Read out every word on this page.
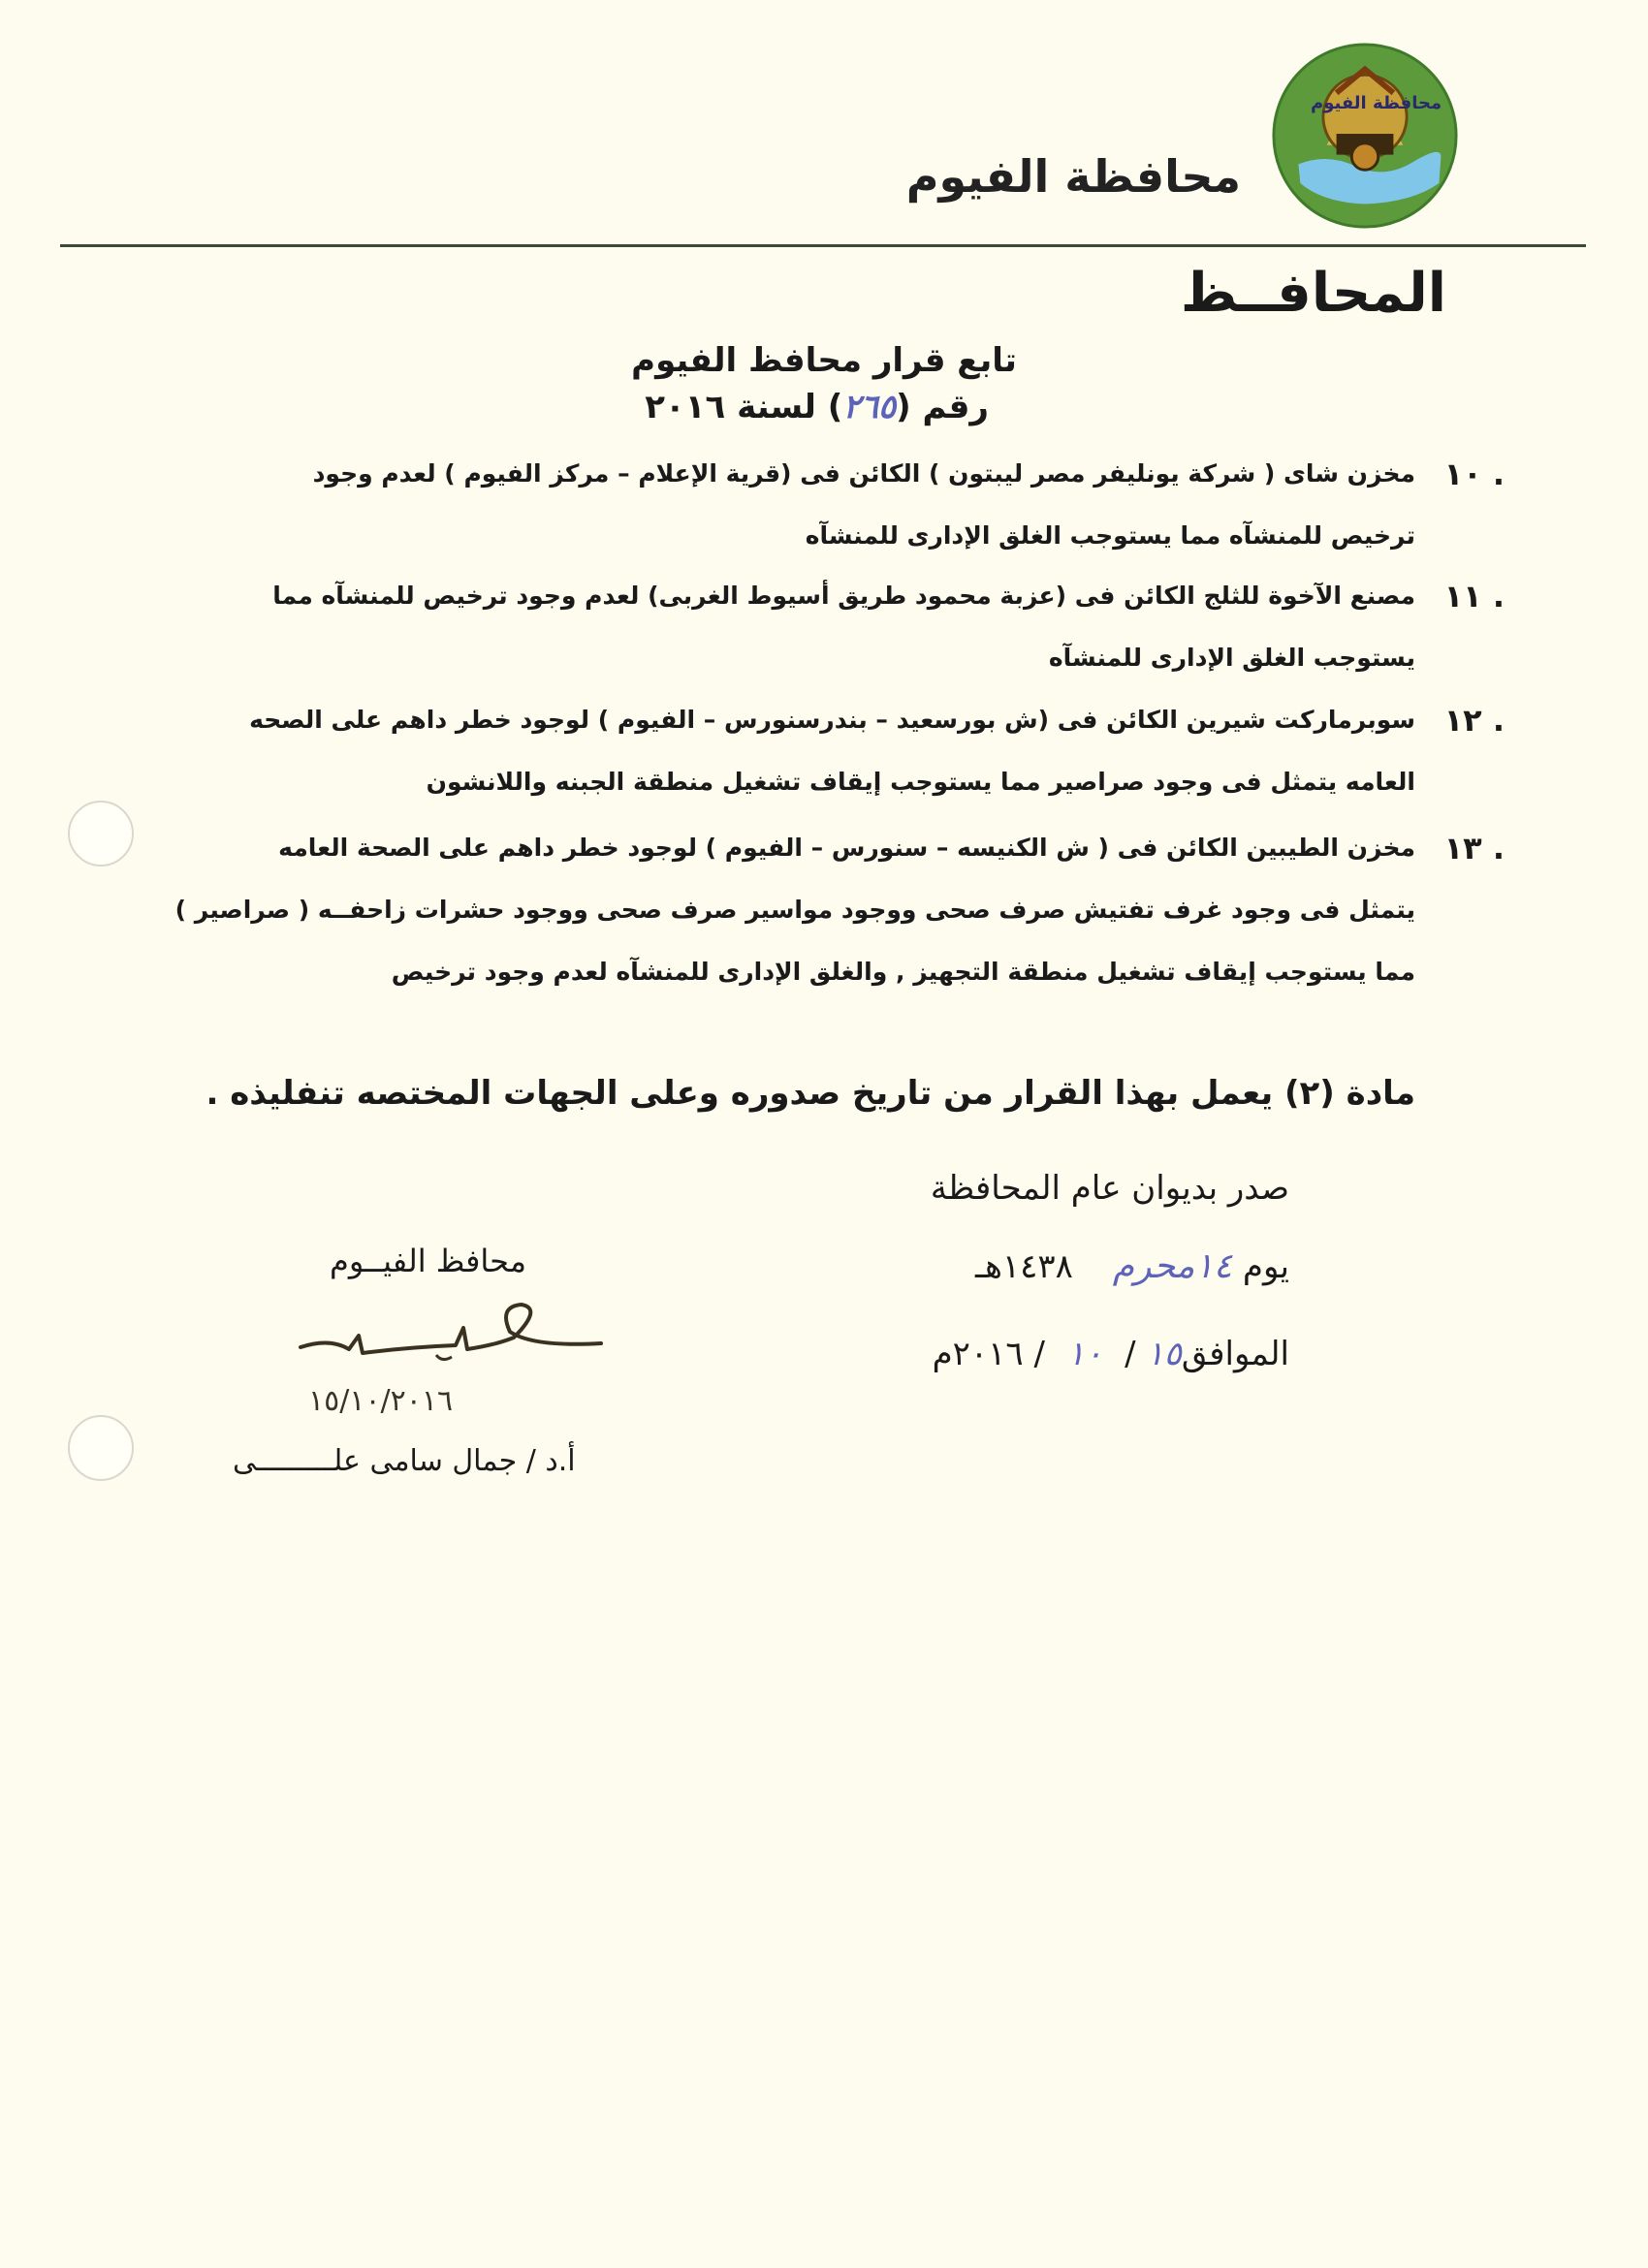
محافظة الفيوم
محافظة الفيوم
المحافــظ
تابع قرار محافظ الفيوم
رقم (٢٦٥) لسنة ٢٠١٦
١٠ .

مخزن شاى ( شركة يونليفر مصر ليبتون ) الكائن فى (قرية الإعلام – مركز الفيوم ) لعدم وجود

ترخيص للمنشآه مما يستوجب الغلق الإدارى للمنشآه

١١ .

مصنع الآخوة للثلج الكائن فى (عزبة محمود طريق أسيوط الغربى) لعدم وجود ترخيص للمنشآه مما

يستوجب الغلق الإدارى للمنشآه

١٢ .

سوبرماركت شيرين الكائن فى (ش بورسعيد – بندرسنورس – الفيوم ) لوجود خطر داهم على الصحه

العامه يتمثل فى وجود صراصير مما يستوجب إيقاف تشغيل منطقة الجبنه واللانشون

١٣ .

مخزن الطيبين الكائن فى ( ش الكنيسه – سنورس – الفيوم ) لوجود خطر داهم على الصحة العامه

يتمثل فى وجود غرف تفتيش صرف صحى ووجود مواسير صرف صحى ووجود حشرات زاحفــه ( صراصير )

مما يستوجب إيقاف تشغيل منطقة التجهيز , والغلق الإدارى للمنشآه لعدم وجود ترخيص

مادة (٢) يعمل بهذا القرار من تاريخ صدوره وعلى الجهات المختصه تنفليذه .
صدر بديوان عام المحافظة
يوم ١٤محرم ١٤٣٨هـ
الموافق١٥ / ١٠ / ٢٠١٦م
محافظ الفيــوم
١٥/١٠/٢٠١٦
أ.د / جمال سامى علـــــــــى
